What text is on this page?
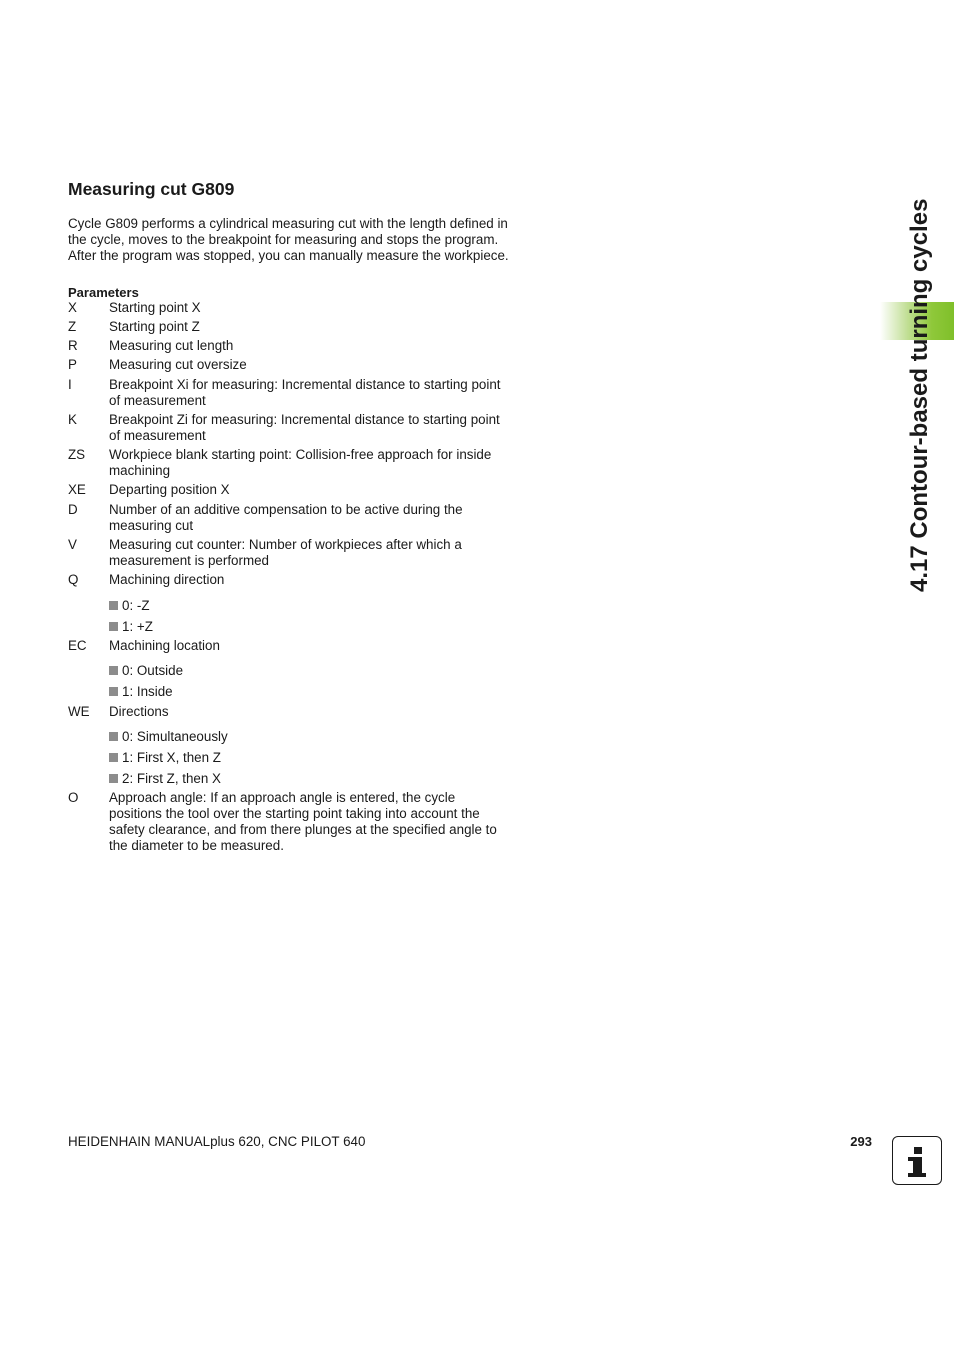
Measuring cut G809

Cycle G809 performs a cylindrical measuring cut with the length defined in the cycle, moves to the breakpoint for measuring and stops the program. After the program was stopped, you can manually measure the workpiece.

Parameters
X Starting point X
Z Starting point Z
R Measuring cut length
P Measuring cut oversize
I	Breakpoint Xi for measuring: Incremental distance to starting point of measurement
K Breakpoint Zi for measuring: Incremental distance to starting point of measurement
ZS Workpiece blank starting point: Collision-free approach for inside machining
XE Departing position X
D Number of an additive compensation to be active during the measuring cut
V Measuring cut counter: Number of workpieces after which a measurement is performed
Q Machining direction
0: -Z
1: +Z
EC Machining location
0: Outside
1: Inside
WE Directions
0: Simultaneously
1: First X, then Z
2: First Z, then X
O Approach angle: If an approach angle is entered, the cycle positions the tool over the starting point taking into account the safety clearance, and from there plunges at the specified angle to the diameter to be measured.
4.17 Contour-based turning cycles
HEIDENHAIN MANUALplus 620, CNC PILOT 640	293
